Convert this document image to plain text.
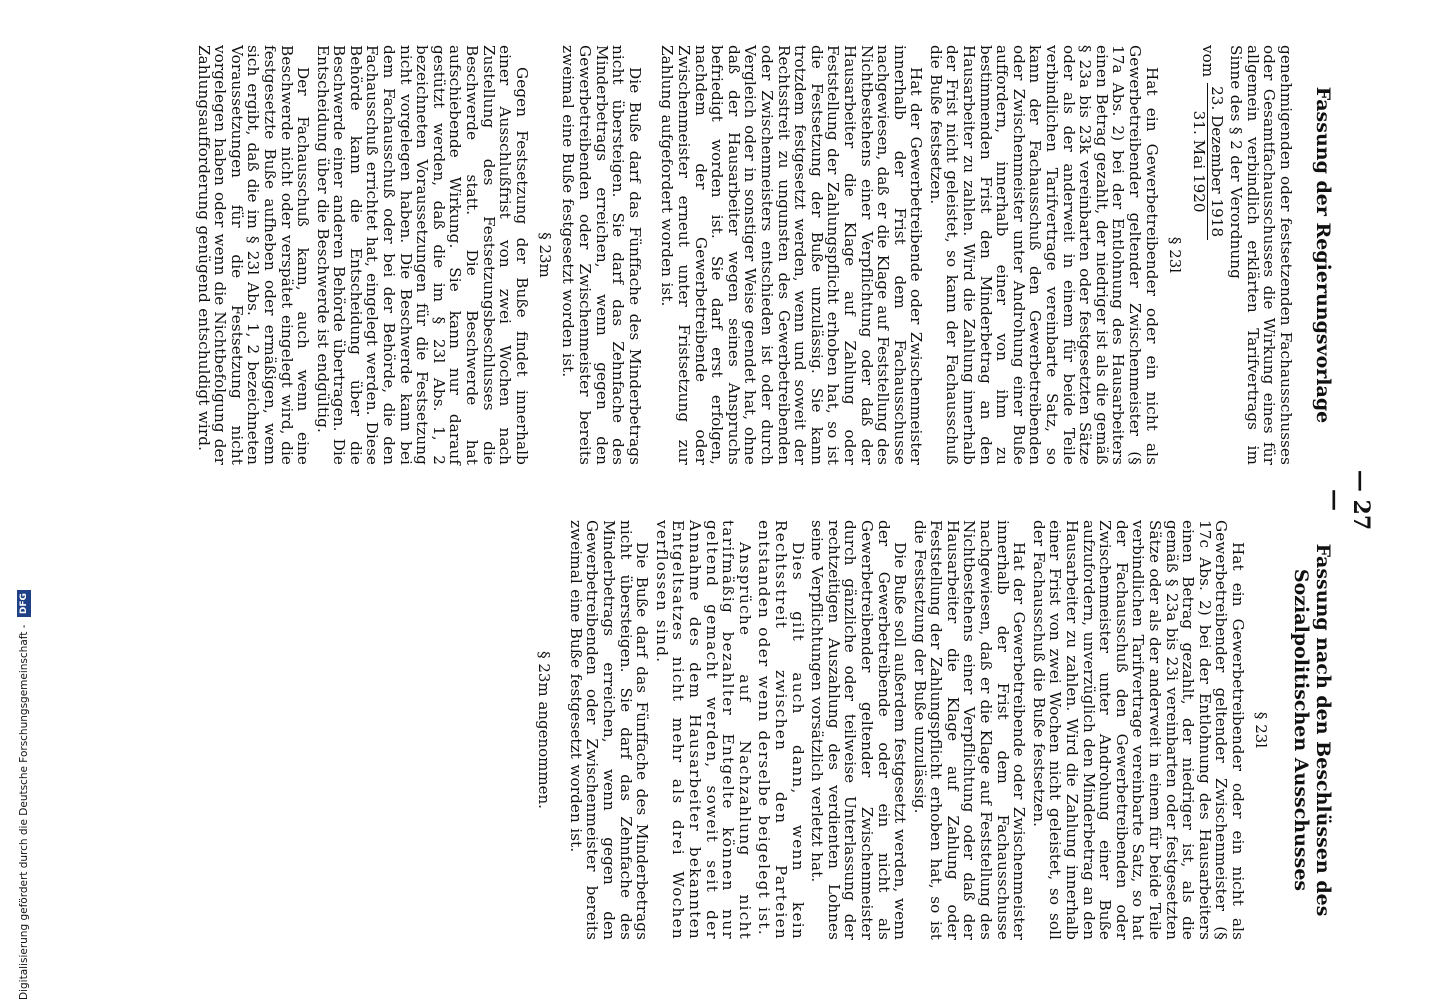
— 27 —
Fassung der Regierungsvorlage

genehmigenden oder festsetzenden Fachausschusses oder Gesamtfachausschusses die Wirkung eines für allgemein verbindlich erklärten Tarifvertrags im Sinne des § 2 der Verordnung

vom
23. Dezember 1918
31. Mai 1920
§ 23l

Hat ein Gewerbetreibender oder ein nicht als Gewerbetreibender geltender Zwischenmeister (§ 17a Abs. 2) bei der Entlohnung des Hausarbeiters einen Betrag gezahlt, der niedriger ist als die gemäß § 23a bis 23k vereinbarten oder festgesetzten Sätze oder als der anderweit in einem für beide Teile verbindlichen Tarifvertrage vereinbarte Satz, so kann der Fachausschuß den Gewerbetreibenden oder Zwischenmeister unter Androhung einer Buße auffordern, innerhalb einer von ihm zu bestimmenden Frist den Minderbetrag an den Hausarbeiter zu zahlen. Wird die Zahlung innerhalb der Frist nicht geleistet, so kann der Fachausschuß die Buße festsetzen.

Hat der Gewerbetreibende oder Zwischenmeister innerhalb der Frist dem Fachausschusse nachgewiesen, daß er die Klage auf Feststellung des Nichtbestehens einer Verpflichtung oder daß der Hausarbeiter die Klage auf Zahlung oder Feststellung der Zahlungspflicht erhoben hat, so ist die Festsetzung der Buße unzulässig. Sie kann trotzdem festgesetzt werden, wenn und soweit der Rechtsstreit zu ungunsten des Gewerbetreibenden oder Zwischenmeisters entschieden ist oder durch Vergleich oder in sonstiger Weise geendet hat, ohne daß der Hausarbeiter wegen seines Anspruchs befriedigt worden ist. Sie darf erst erfolgen, nachdem der Gewerbetreibende oder Zwischenmeister erneut unter Fristsetzung zur Zahlung aufgefordert worden ist.

Die Buße darf das Fünffache des Minderbetrags nicht übersteigen. Sie darf das Zehnfache des Minderbetrags erreichen, wenn gegen den Gewerbetreibenden oder Zwischenmeister bereits zweimal eine Buße festgesetzt worden ist.

§ 23m

Gegen Festsetzung der Buße findet innerhalb einer Ausschlußfrist von zwei Wochen nach Zustellung des Festsetzungsbeschlusses die Beschwerde statt. Die Beschwerde hat aufschiebende Wirkung. Sie kann nur darauf gestützt werden, daß die im § 23l Abs. 1, 2 bezeichneten Voraussetzungen für die Festsetzung nicht vorgelegen haben. Die Beschwerde kann bei dem Fachausschuß oder bei der Behörde, die den Fachausschuß errichtet hat, eingelegt werden. Diese Behörde kann die Entscheidung über die Beschwerde einer anderen Behörde übertragen. Die Entscheidung über die Beschwerde ist endgültig.

Der Fachausschuß kann, auch wenn eine Beschwerde nicht oder verspätet eingelegt wird, die festgesetzte Buße aufheben oder ermäßigen, wenn sich ergibt, daß die im § 23l Abs. 1, 2 bezeichneten Voraussetzungen für die Festsetzung nicht vorgelegen haben oder wenn die Nichtbefolgung der Zahlungsaufforderung genügend entschuldigt wird.

Fassung nach den Beschlüssen des Sozialpolitischen Ausschusses
§ 23l

Hat ein Gewerbetreibender oder ein nicht als Gewerbetreibender geltender Zwischenmeister (§ 17c Abs. 2) bei der Entlohnung des Hausarbeiters einen Betrag gezahlt, der niedriger ist, als die gemäß § 23a bis 23i vereinbarten oder festgesetzten Sätze oder als der anderweit in einem für beide Teile verbindlichen Tarifvertrage vereinbarte Satz, so hat der Fachausschuß den Gewerbetreibenden oder Zwischenmeister unter Androhung einer Buße aufzufordern, unverzüglich den Minderbetrag an den Hausarbeiter zu zahlen. Wird die Zahlung innerhalb einer Frist von zwei Wochen nicht geleistet, so soll der Fachausschuß die Buße festsetzen.

Hat der Gewerbetreibende oder Zwischenmeister innerhalb der Frist dem Fachausschusse nachgewiesen, daß er die Klage auf Feststellung des Nichtbestehens einer Verpflichtung oder daß der Hausarbeiter die Klage auf Zahlung oder Feststellung der Zahlungspflicht erhoben hat, so ist die Festsetzung der Buße unzulässig.

Die Buße soll außerdem festgesetzt werden, wenn der Gewerbetreibende oder ein nicht als Gewerbetreibender geltender Zwischenmeister durch gänzliche oder teilweise Unterlassung der rechtzeitigen Auszahlung des verdienten Lohnes seine Verpflichtungen vorsätzlich verletzt hat.

Dies gilt auch dann, wenn kein Rechtsstreit zwischen den Parteien entstanden oder wenn derselbe beigelegt ist.

Ansprüche auf Nachzahlung nicht tarifmäßig bezahlter Entgelte können nur geltend gemacht werden, soweit seit der Annahme des dem Hausarbeiter bekannten Entgeltsatzes nicht mehr als drei Wochen verflossen sind.

Die Buße darf das Fünffache des Minderbetrags nicht übersteigen. Sie darf das Zehnfache des Minderbetrags erreichen, wenn gegen den Gewerbetreibenden oder Zwischenmeister bereits zweimal eine Buße festgesetzt worden ist.

§ 23m angenommen.
Digitalisierung gefördert durch die Deutsche Forschungsgemeinschaft - DFG
